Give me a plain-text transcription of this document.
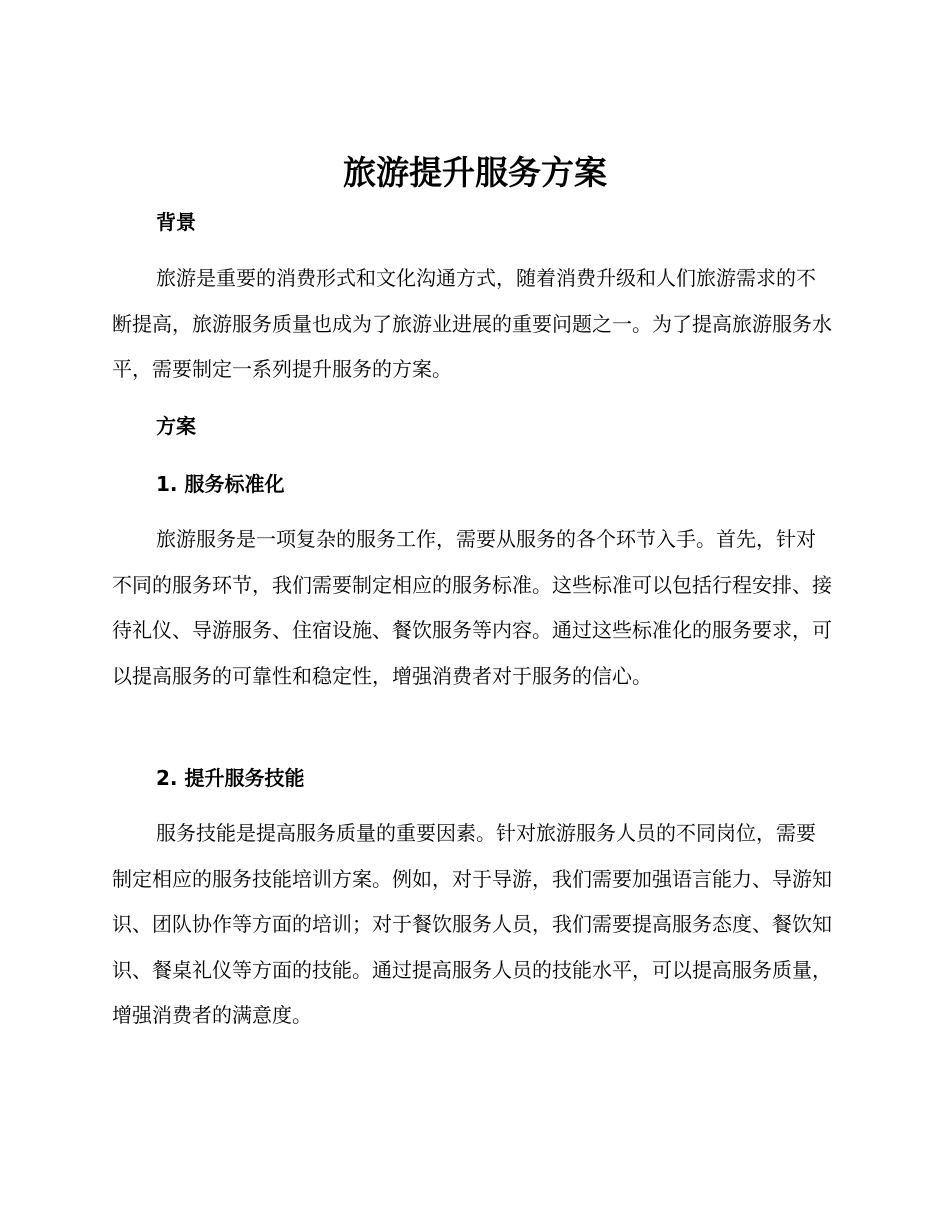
旅游提升服务方案
背景

旅游是重要的消费形式和文化沟通方式，随着消费升级和人们旅游需求的不断提高，旅游服务质量也成为了旅游业进展的重要问题之一。为了提高旅游服务水平，需要制定一系列提升服务的方案。

方案
1. 服务标准化

旅游服务是一项复杂的服务工作，需要从服务的各个环节入手。首先，针对不同的服务环节，我们需要制定相应的服务标准。这些标准可以包括行程安排、接待礼仪、导游服务、住宿设施、餐饮服务等内容。通过这些标准化的服务要求，可以提高服务的可靠性和稳定性，增强消费者对于服务的信心。

2. 提升服务技能

服务技能是提高服务质量的重要因素。针对旅游服务人员的不同岗位，需要制定相应的服务技能培训方案。例如，对于导游，我们需要加强语言能力、导游知识、团队协作等方面的培训；对于餐饮服务人员，我们需要提高服务态度、餐饮知识、餐桌礼仪等方面的技能。通过提高服务人员的技能水平，可以提高服务质量，增强消费者的满意度。
